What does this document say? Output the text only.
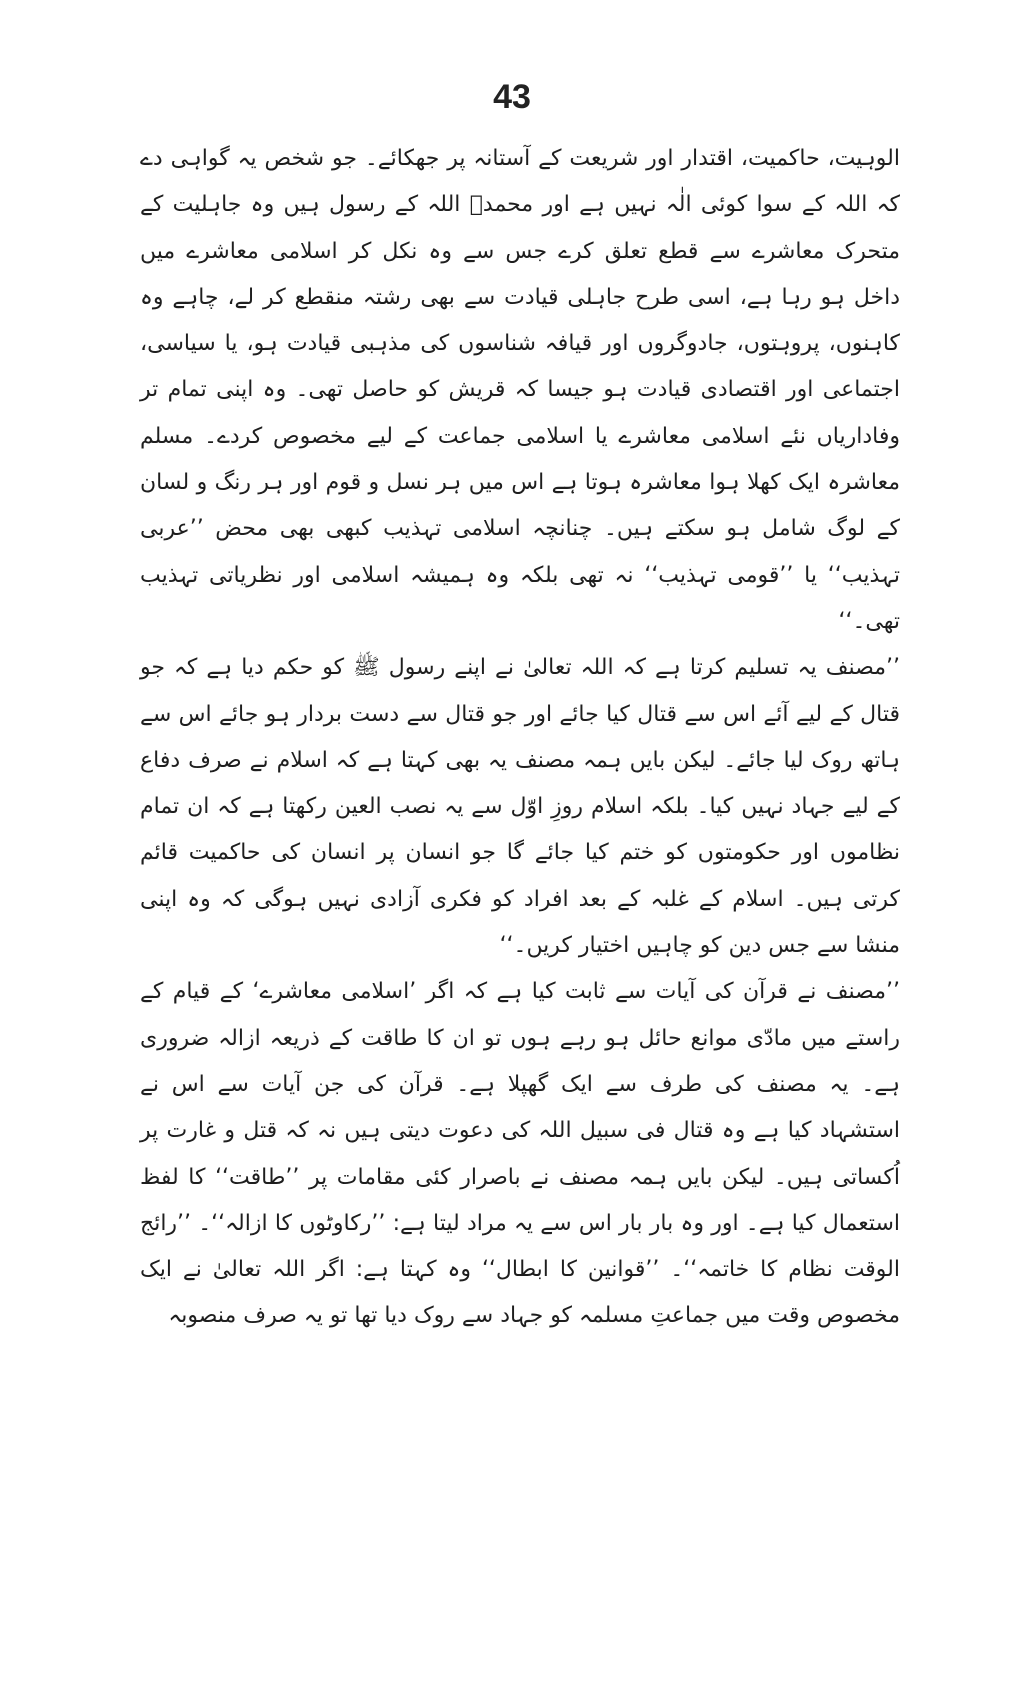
43

الوہیت، حاکمیت، اقتدار اور شریعت کے آستانہ پر جھکائے۔ جو شخص یہ گواہی دے کہ اللہ کے سوا کوئی الٰہ نہیں ہے اور محمدؐ اللہ کے رسول ہیں وہ جاہلیت کے متحرک معاشرے سے قطع تعلق کرے جس سے وہ نکل کر اسلامی معاشرے میں داخل ہو رہا ہے، اسی طرح جاہلی قیادت سے بھی رشتہ منقطع کر لے، چاہے وہ کاہنوں، پروہتوں، جادوگروں اور قیافہ شناسوں کی مذہبی قیادت ہو، یا سیاسی، اجتماعی اور اقتصادی قیادت ہو جیسا کہ قریش کو حاصل تھی۔ وہ اپنی تمام تر وفاداریاں نئے اسلامی معاشرے یا اسلامی جماعت کے لیے مخصوص کردے۔ مسلم معاشرہ ایک کھلا ہوا معاشرہ ہوتا ہے اس میں ہر نسل و قوم اور ہر رنگ و لسان کے لوگ شامل ہو سکتے ہیں۔ چنانچہ اسلامی تہذیب کبھی بھی محض ’’عربی تہذیب‘‘ یا ’’قومی تہذیب‘‘ نہ تھی بلکہ وہ ہمیشہ اسلامی اور نظریاتی تہذیب تھی۔‘‘

’’مصنف یہ تسلیم کرتا ہے کہ اللہ تعالیٰ نے اپنے رسول ﷺ کو حکم دیا ہے کہ جو قتال کے لیے آئے اس سے قتال کیا جائے اور جو قتال سے دست بردار ہو جائے اس سے ہاتھ روک لیا جائے۔ لیکن بایں ہمہ مصنف یہ بھی کہتا ہے کہ اسلام نے صرف دفاع کے لیے جہاد نہیں کیا۔ بلکہ اسلام روزِ اوّل سے یہ نصب العین رکھتا ہے کہ ان تمام نظاموں اور حکومتوں کو ختم کیا جائے گا جو انسان پر انسان کی حاکمیت قائم کرتی ہیں۔ اسلام کے غلبہ کے بعد افراد کو فکری آزادی نہیں ہوگی کہ وہ اپنی منشا سے جس دین کو چاہیں اختیار کریں۔‘‘

’’مصنف نے قرآن کی آیات سے ثابت کیا ہے کہ اگر ’اسلامی معاشرے‘ کے قیام کے راستے میں مادّی موانع حائل ہو رہے ہوں تو ان کا طاقت کے ذریعہ ازالہ ضروری ہے۔ یہ مصنف کی طرف سے ایک گھپلا ہے۔ قرآن کی جن آیات سے اس نے استشہاد کیا ہے وہ قتال فی سبیل اللہ کی دعوت دیتی ہیں نہ کہ قتل و غارت پر اُکساتی ہیں۔ لیکن بایں ہمہ مصنف نے باصرار کئی مقامات پر ’’طاقت‘‘ کا لفظ استعمال کیا ہے۔ اور وہ بار بار اس سے یہ مراد لیتا ہے: ’’رکاوٹوں کا ازالہ‘‘۔ ’’رائج الوقت نظام کا خاتمہ‘‘۔ ’’قوانین کا ابطال‘‘ وہ کہتا ہے: اگر اللہ تعالیٰ نے ایک مخصوص وقت میں جماعتِ مسلمہ کو جہاد سے روک دیا تھا تو یہ صرف منصوبہ
